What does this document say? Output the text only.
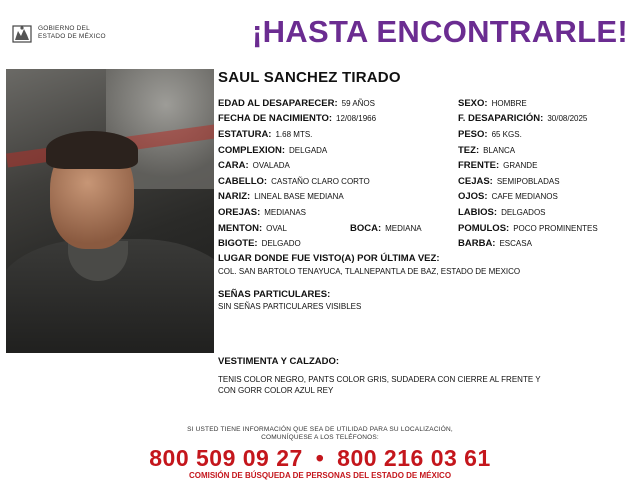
GOBIERNO DEL
ESTADO DE MÉXICO	¡HASTA ENCONTRARLE!
SAUL SANCHEZ TIRADO
EDAD AL DESAPARECER: 59 AÑOS	SEXO: HOMBRE
FECHA DE NACIMIENTO: 12/08/1966	F. DESAPARICIÓN: 30/08/2025
ESTATURA: 1.68 MTS.	PESO: 65 KGS.
COMPLEXION: DELGADA	TEZ: BLANCA
CARA: OVALADA	FRENTE: GRANDE
CABELLO: CASTAÑO CLARO CORTO	CEJAS: SEMIPOBLADAS
NARIZ: LINEAL BASE MEDIANA	OJOS: CAFE MEDIANOS
OREJAS: MEDIANAS	LABIOS: DELGADOS
MENTON: OVAL	BOCA: MEDIANA	POMULOS: POCO PROMINENTES
BIGOTE: DELGADO	BARBA: ESCASA
LUGAR DONDE FUE VISTO(A) POR ÚLTIMA VEZ:
COL. SAN BARTOLO TENAYUCA, TLALNEPANTLA DE BAZ, ESTADO DE MEXICO
SEÑAS PARTICULARES:
SIN SEÑAS PARTICULARES VISIBLES
VESTIMENTA Y CALZADO:
TENIS COLOR NEGRO, PANTS COLOR GRIS, SUDADERA CON CIERRE AL FRENTE Y
CON GORR COLOR AZUL REY
SI USTED TIENE INFORMACIÓN QUE SEA DE UTILIDAD PARA SU LOCALIZACIÓN,
COMUNÍQUESE A LOS TELÉFONOS:
800 509 09 27 • 800 216 03 61
COMISIÓN DE BÚSQUEDA DE PERSONAS DEL ESTADO DE MÉXICO
